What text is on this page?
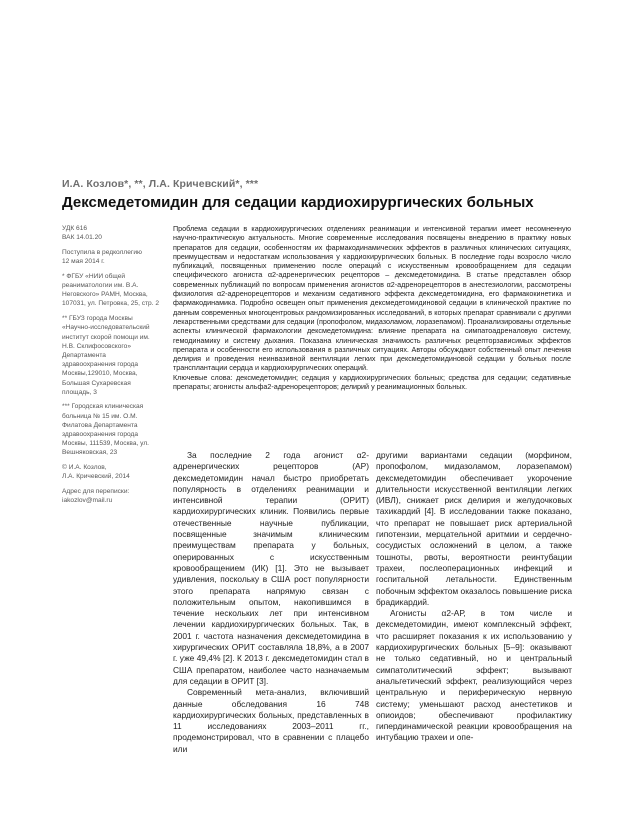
И.А. Козлов*, **, Л.А. Кричевский*, ***
Дексмедетомидин для седации кардиохирургических больных

УДК 616
ВАК 14.01.20

Поступила в редколлегию
12 мая 2014 г.

* ФГБУ «НИИ общей реаниматологии им. В.А. Неговского» РАМН, Москва, 107031, ул. Петровка, 25, стр. 2

** ГБУЗ города Москвы «Научно-исследовательский институт скорой помощи им. Н.В. Склифосовского» Департамента здравоохранения города Москвы,129010, Москва, Большая Сухаревская площадь, 3

*** Городская клиническая больница № 15 им. О.М. Филатова Департамента здравоохранения города Москвы, 111539, Москва, ул. Вешняковская, 23

© И.А. Козлов,
Л.А. Кричевский, 2014

Адрес для переписки:
iakozlov@mail.ru

Проблема седации в кардиохирургических отделениях реанимации и интенсивной терапии имеет несомненную научно-практическую актуальность. Многие современные исследования посвящены внедрению в практику новых препаратов для седации, особенностям их фармакодинамических эффектов в различных клинических ситуациях, преимуществам и недостаткам использования у кардиохирургических больных. В последние годы возросло число публикаций, посвященных применению после операций с искусственным кровообращением для седации специфического агониста α2-адренергических рецепторов – дексмедетомидина. В статье представлен обзор современных публикаций по вопросам применения агонистов α2-адренорецепторов в анестезиологии, рассмотрены физиология α2-адренорецепторов и механизм седативного эффекта дексмедетомидина, его фармакокинетика и фармакодинамика. Подробно освещен опыт применения дексмедетомидиновой седации в клинической практике по данным современных многоцентровых рандомизированных исследований, в которых препарат сравнивали с другими лекарственными средствами для седации (пропофолом, мидазоламом, лоразепамом). Проанализированы отдельные аспекты клинической фармакологии дексмедетомидина: влияние препарата на симпатоадреналовую систему, гемодинамику и систему дыхания. Показана клиническая значимость различных рецепторзависимых эффектов препарата и особенности его использования в различных ситуациях. Авторы обсуждают собственный опыт лечения делирия и проведения неинвазивной вентиляции легких при дексмедетомидиновой седации у больных после трансплантации сердца и кардиохирургических операций.

Ключевые слова: дексмедетомидин; седация у кардиохирургических больных; средства для седации; седативные препараты; агонисты альфа2-адренорецепторов; делирий у реанимационных больных.

За последние 2 года агонист α2-адренергических рецепторов (АР) дексмедетомидин начал быстро приобретать популярность в отделениях реанимации и интенсивной терапии (ОРИТ) кардиохирургических клиник. Появились первые отечественные научные публикации, посвященные значимым клиническим преимуществам препарата у больных, оперированных с искусственным кровообращением (ИК) [1]. Это не вызывает удивления, поскольку в США рост популярности этого препарата напрямую связан с положительным опытом, накопившимся в течение нескольких лет при интенсивном лечении кардиохирургических больных. Так, в 2001 г. частота назначения дексмедетомидина в хирургических ОРИТ составляла 18,8%, а в 2007 г. уже 49,4% [2]. К 2013 г. дексмедетомидин стал в США препаратом, наиболее часто назначаемым для седации в ОРИТ [3].

Современный мета-анализ, включивший данные обследования 16 748 кардиохирургических больных, представленных в 11 исследованиях 2003–2011 гг., продемонстрировал, что в сравнении с плацебо или

другими вариантами седации (морфином, пропофолом, мидазоламом, лоразепамом) дексмедетомидин обеспечивает укорочение длительности искусственной вентиляции легких (ИВЛ), снижает риск делирия и желудочковых тахикардий [4]. В исследовании также показано, что препарат не повышает риск артериальной гипотензии, мерцательной аритмии и сердечно-сосудистых осложнений в целом, а также тошноты, рвоты, вероятности реинтубации трахеи, послеоперационных инфекций и госпитальной летальности. Единственным побочным эффектом оказалось повышение риска брадикардий.

Агонисты α2-АР, в том числе и дексмедетомидин, имеют комплексный эффект, что расширяет показания к их использованию у кардиохирургических больных [5–9]: оказывают не только седативный, но и центральный симпатолитический эффект; вызывают анальгетический эффект, реализующийся через центральную и периферическую нервную систему; уменьшают расход анестетиков и опиоидов; обеспечивают профилактику гипердинамической реакции кровообращения на интубацию трахеи и опе-
